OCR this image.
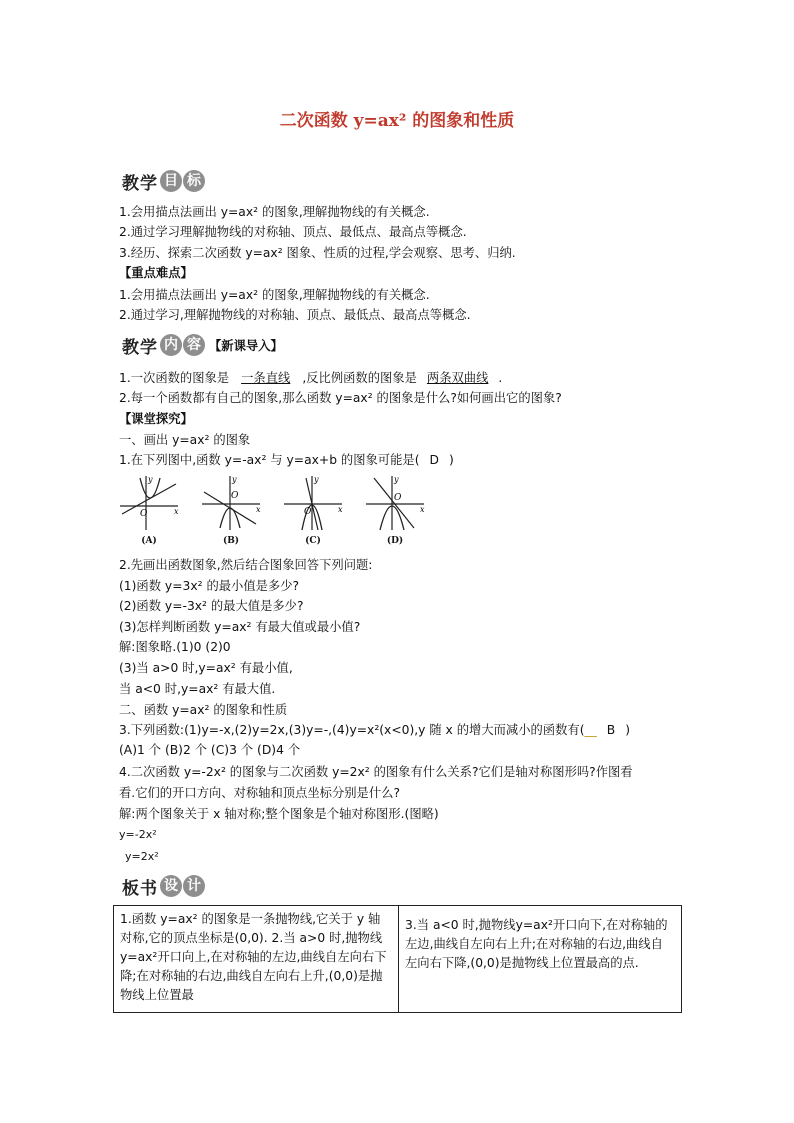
二次函数 y=ax² 的图象和性质
教学 目 标
1.会用描点法画出 y=ax² 的图象,理解抛物线的有关概念.
2.通过学习理解抛物线的对称轴、顶点、最低点、最高点等概念.
3.经历、探索二次函数 y=ax² 图象、性质的过程,学会观察、思考、归纳.
【重点难点】
1.会用描点法画出 y=ax² 的图象,理解抛物线的有关概念.
2.通过学习,理解抛物线的对称轴、顶点、最低点、最高点等概念.
教学 内 容 【新课导入】
1.一次函数的图象是 一条直线 ,反比例函数的图象是 两条双曲线 .
2.每一个函数都有自己的图象,那么函数 y=ax² 的图象是什么?如何画出它的图象?
【课堂探究】
一、画出 y=ax² 的图象
1.在下列图中,函数 y=-ax² 与 y=ax+b 的图象可能是( D )
O	x
y
(A)
O
x
y
(B)
O	x
y
(C)
O
x
y
(D)
2.先画出函数图象,然后结合图象回答下列问题:
(1)函数 y=3x² 的最小值是多少?
(2)函数 y=-3x² 的最大值是多少?
(3)怎样判断函数 y=ax² 有最大值或最小值?
解:图象略.(1)0 (2)0
(3)当 a>0 时,y=ax² 有最小值,
当 a<0 时,y=ax² 有最大值.
二、函数 y=ax² 的图象和性质
3.下列函数:(1)y=-x,(2)y=2x,(3)y=-,(4)y=x²(x<0),y 随 x 的增大而减小的函数有(__ B )
(A)1 个 (B)2 个 (C)3 个 (D)4 个
4.二次函数 y=-2x² 的图象与二次函数 y=2x² 的图象有什么关系?它们是轴对称图形吗?作图看
看.它们的开口方向、对称轴和顶点坐标分别是什么?
解:两个图象关于 x 轴对称;整个图象是个轴对称图形.(图略)
y=-2x²
y=2x²
板书 设 计
1.函数 y=ax² 的图象是一条抛物线,它关于 y 轴对称,它的顶点坐标是(0,0). 2.当 a>0 时,抛物线y=ax²开口向上,在对称轴的左边,曲线自左向右下降;在对称轴的右边,曲线自左向右上升,(0,0)是抛物线上位置最
3.当 a<0 时,抛物线y=ax²开口向下,在对称轴的左边,曲线自左向右上升;在对称轴的右边,曲线自左向右下降,(0,0)是抛物线上位置最高的点.
